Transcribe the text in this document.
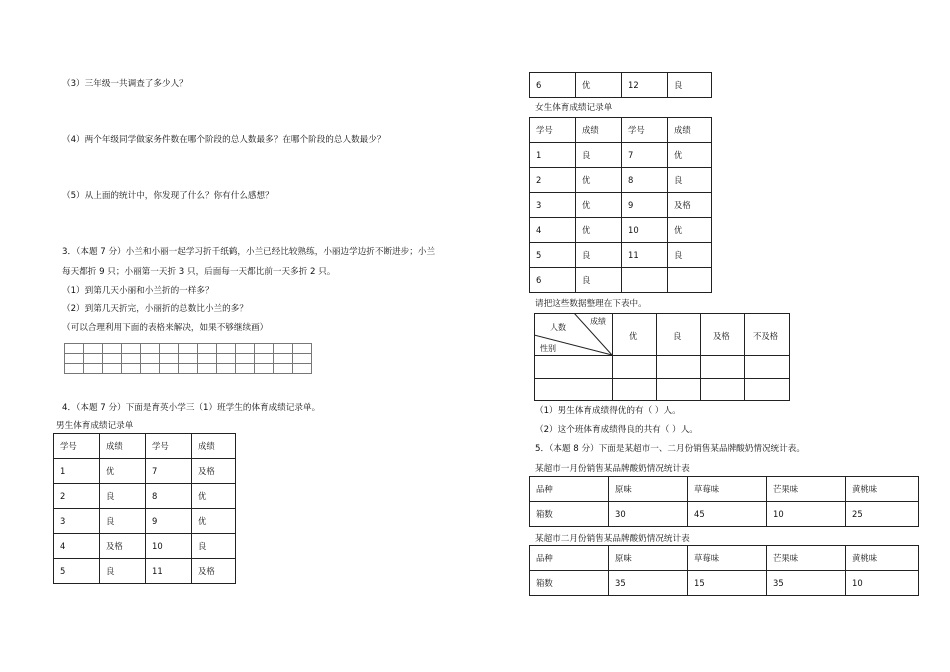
（3）三年级一共调查了多少人？
（4）两个年级同学做家务件数在哪个阶段的总人数最多？在哪个阶段的总人数最少？
（5）从上面的统计中，你发现了什么？你有什么感想？
3．（本题 7 分）小兰和小丽一起学习折千纸鹤，小兰已经比较熟练，小丽边学边折不断进步；小兰
每天都折 9 只；小丽第一天折 3 只，后面每一天都比前一天多折 2 只。
（1）到第几天小丽和小兰折的一样多？
（2）到第几天折完，小丽折的总数比小兰的多？
（可以合理利用下面的表格来解决，如果不够继续画）

4．（本题 7 分）下面是育英小学三（1）班学生的体育成绩记录单。
男生体育成绩记录单
学号	成绩	学号	成绩
1	优	7	及格
2	良	8	优
3	良	9	优
4	及格	10	良
5	良	11	及格
6	优	12	良
女生体育成绩记录单
学号	成绩	学号	成绩
1	良	7	优
2	优	8	良
3	优	9	及格
4	优	10	优
5	良	11	良
6	良		
请把这些数据整理在下表中。
成绩
人数
性别
优	良	及格	不及格
（1）男生体育成绩得优的有（ ）人。
（2）这个班体育成绩得良的共有（ ）人。
5．（本题 8 分）下面是某超市一、二月份销售某品牌酸奶情况统计表。
某超市一月份销售某品牌酸奶情况统计表
品种	原味	草莓味	芒果味	黄桃味
箱数	30	45	10	25
某超市二月份销售某品牌酸奶情况统计表
品种	原味	草莓味	芒果味	黄桃味
箱数	35	15	35	10
